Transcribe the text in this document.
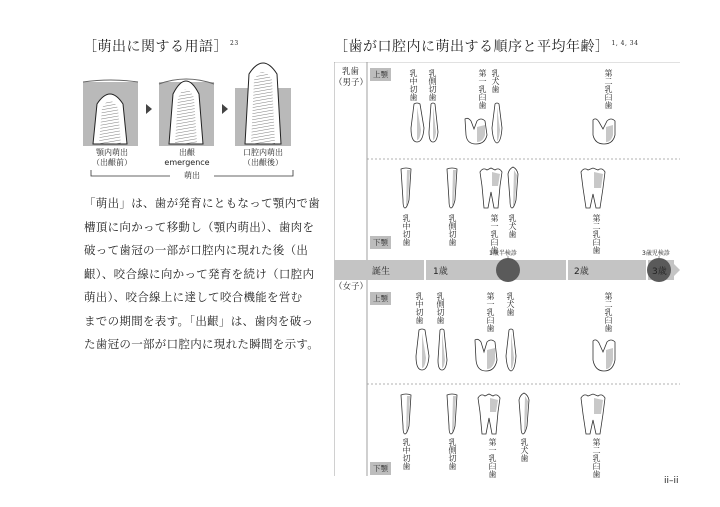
［萌出に関する用語］ $^{23}$
顎内萌出
（出齦前）
出齦
emergence
口腔内萌出
（出齦後）
萌出
「萌出」は、歯が発育にともなって顎内で歯
槽頂に向かって移動し（顎内萌出）、歯肉を
破って歯冠の一部が口腔内に現れた後（出
齦）、咬合線に向かって発育を続け（口腔内
萌出）、咬合線上に達して咬合機能を営む
までの期間を表す。「出齦」は、歯肉を破っ
た歯冠の一部が口腔内に現れた瞬間を示す。
［歯が口腔内に萌出する順序と平均年齢］ $^{1, 4, 34}$
乳歯
（男子）
（女子）
上顎
下顎
上顎
下顎
誕生	1歳	2歳	3歳
1歳半検診	3歳児検診
乳中切歯 乳側切歯	第一乳臼歯 乳犬歯	第二乳臼歯
乳中切歯	乳側切歯	第一乳臼歯 乳犬歯	第二乳臼歯
乳中切歯 乳側切歯	第一乳臼歯 乳犬歯	第二乳臼歯
乳中切歯	乳側切歯	第一乳臼歯	乳犬歯	第二乳臼歯
ii–ii
